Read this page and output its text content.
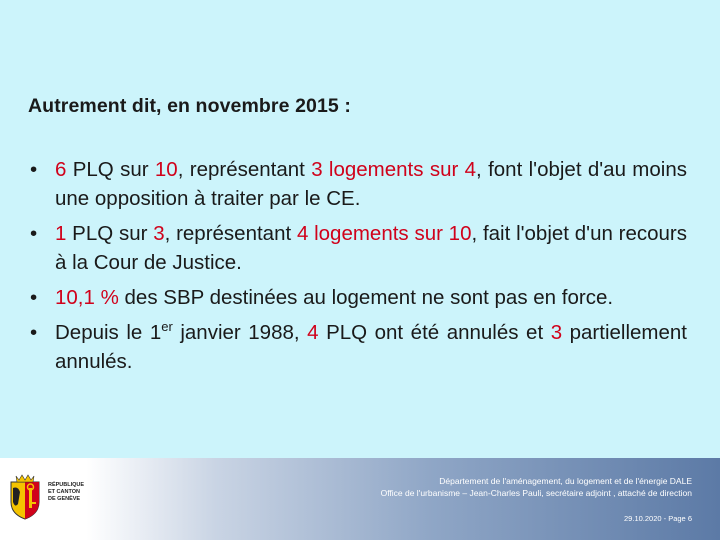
Autrement dit, en novembre 2015 :
• 6 PLQ sur 10, représentant 3 logements sur 4, font l'objet d'au moins une opposition à traiter par le CE.
• 1 PLQ sur 3, représentant 4 logements sur 10, fait l'objet d'un recours à la Cour de Justice.
• 10,1 % des SBP destinées au logement ne sont pas en force.
• Depuis le 1er janvier 1988, 4 PLQ ont été annulés et 3 partiellement annulés.
RÉPUBLIQUE
ET CANTON
DE GENÈVE
Département de l'aménagement, du logement et de l'énergie DALE
Office de l'urbanisme – Jean-Charles Pauli, secrétaire adjoint , attaché de direction
29.10.2020 - Page 6
